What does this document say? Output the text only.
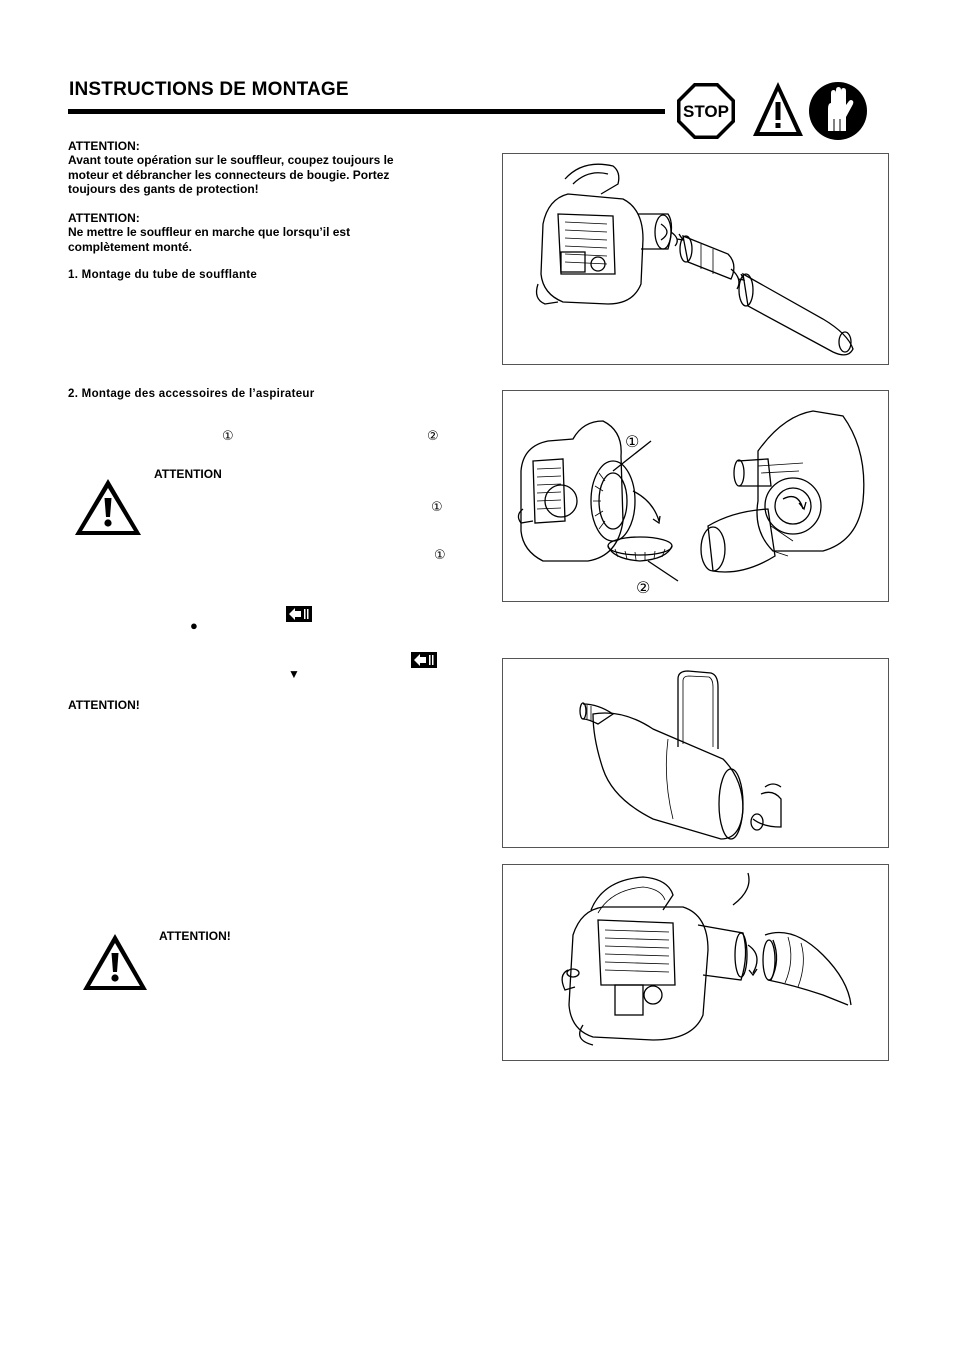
INSTRUCTIONS DE MONTAGE
STOP
ATTENTION:
Avant toute opération sur le souffleur, coupez toujours le
moteur et débrancher les connecteurs de bougie. Portez
toujours des gants de protection!
ATTENTION:
Ne mettre le souffleur en marche que lorsqu’il est
complètement monté.
1. Montage du tube de soufflante
2. Montage des accessoires de l’aspirateur
①	②
ATTENTION
①
①
●
▼
ATTENTION!
ATTENTION!
①
②
